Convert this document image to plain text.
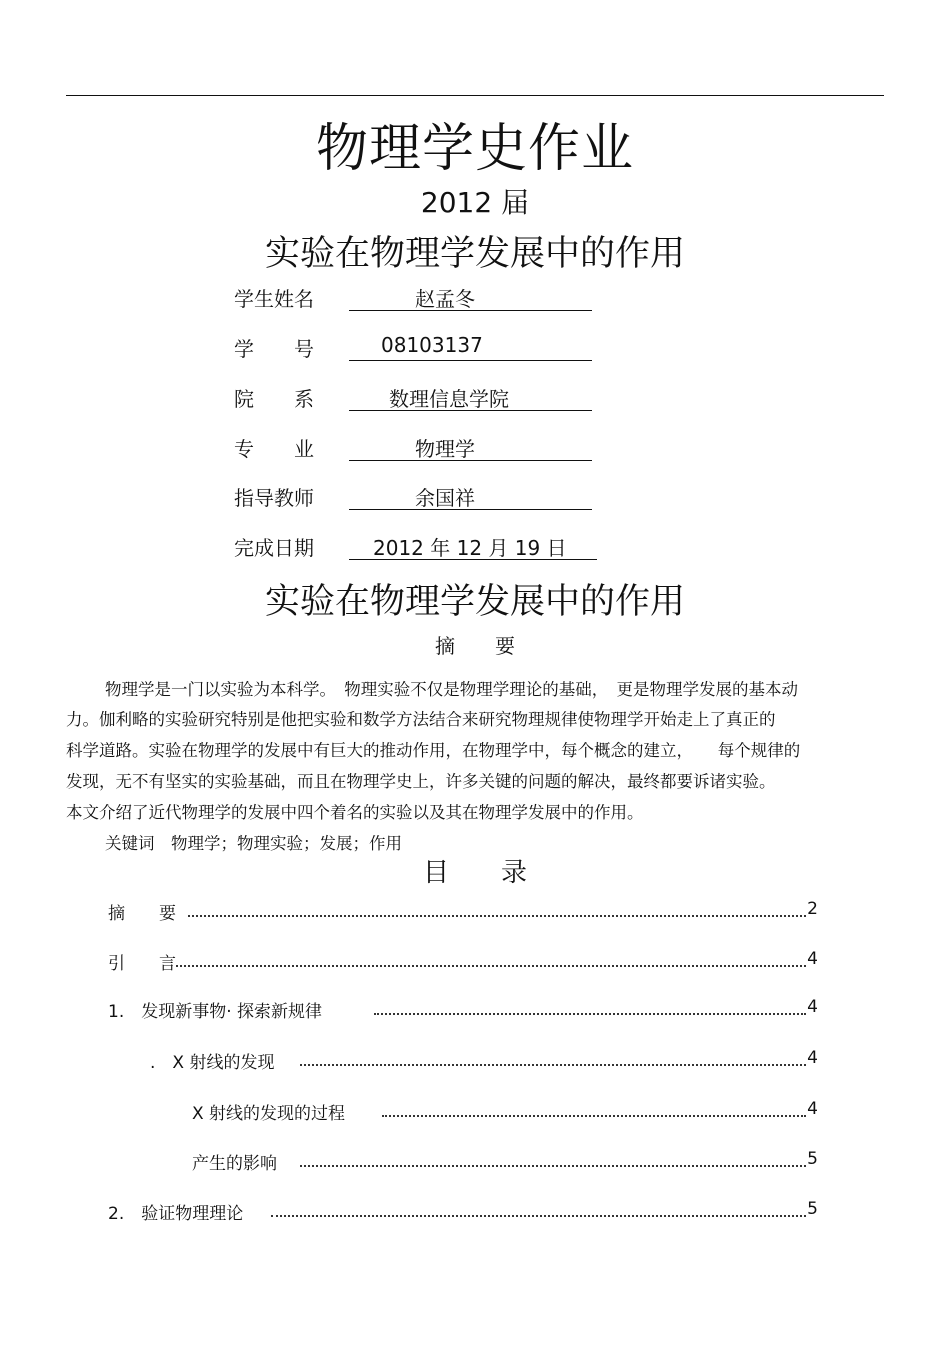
物理学史作业
2012 届
实验在物理学发展中的作用
学生姓名	赵孟冬
学　　号	08103137
院　　系	数理信息学院
专　　业	物理学
指导教师	余国祥
完成日期	2012 年 12 月 19 日
实验在物理学发展中的作用
摘　　要
物理学是一门以实验为本科学。　物理实验不仅是物理学理论的基础，　更是物理学发展的基本动
力。伽利略的实验研究特别是他把实验和数学方法结合来研究物理规律使物理学开始走上了真正的
科学道路。实验在物理学的发展中有巨大的推动作用，在物理学中，每个概念的建立，　　每个规律的
发现，无不有坚实的实验基础，而且在物理学史上，许多关键的问题的解决，最终都要诉诸实验。
本文介绍了近代物理学的发展中四个着名的实验以及其在物理学发展中的作用。
关键词　物理学；物理实验；发展；作用
目　　录
摘　　要	2
引　　言	4
1.　发现新事物· 探索新规律	4
.　X 射线的发现	4
X 射线的发现的过程	4
产生的影响	5
2.　验证物理理论	5
